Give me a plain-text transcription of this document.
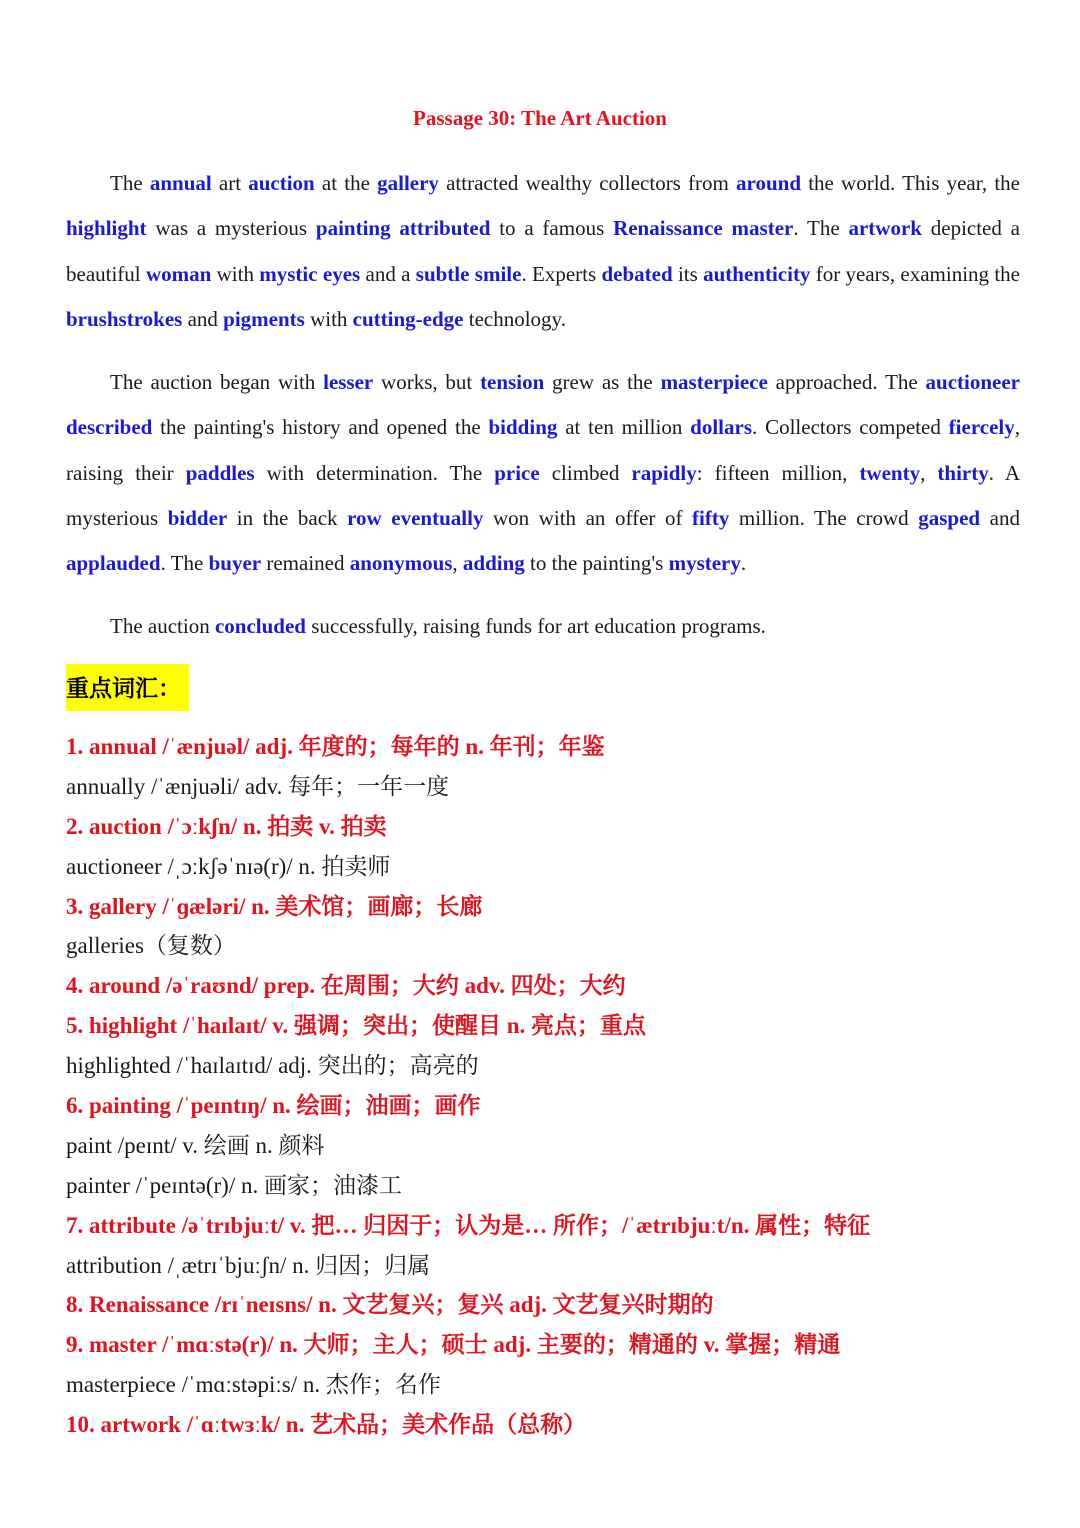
Passage 30: The Art Auction

The annual art auction at the gallery attracted wealthy collectors from around the world. This year, the highlight was a mysterious painting attributed to a famous Renaissance master. The artwork depicted a beautiful woman with mystic eyes and a subtle smile. Experts debated its authenticity for years, examining the brushstrokes and pigments with cutting-edge technology.

The auction began with lesser works, but tension grew as the masterpiece approached. The auctioneer described the painting's history and opened the bidding at ten million dollars. Collectors competed fiercely, raising their paddles with determination. The price climbed rapidly: fifteen million, twenty, thirty. A mysterious bidder in the back row eventually won with an offer of fifty million. The crowd gasped and applauded. The buyer remained anonymous, adding to the painting's mystery.

The auction concluded successfully, raising funds for art education programs.

重点词汇：
1. annual /ˈænjuəl/ adj. 年度的；每年的 n. 年刊；年鉴
annually /ˈænjuəli/ adv. 每年；一年一度
2. auction /ˈɔːkʃn/ n. 拍卖 v. 拍卖
auctioneer /ˌɔːkʃəˈnɪə(r)/ n. 拍卖师
3. gallery /ˈɡæləri/ n. 美术馆；画廊；长廊
galleries（复数）
4. around /əˈraʊnd/ prep. 在周围；大约 adv. 四处；大约
5. highlight /ˈhaɪlaɪt/ v. 强调；突出；使醒目 n. 亮点；重点
highlighted /ˈhaɪlaɪtɪd/ adj. 突出的；高亮的
6. painting /ˈpeɪntɪŋ/ n. 绘画；油画；画作
paint /peɪnt/ v. 绘画 n. 颜料
painter /ˈpeɪntə(r)/ n. 画家；油漆工
7. attribute /əˈtrɪbjuːt/ v. 把… 归因于；认为是… 所作；/ˈætrɪbjuːt/n. 属性；特征
attribution /ˌætrɪˈbjuːʃn/ n. 归因；归属
8. Renaissance /rɪˈneɪsns/ n. 文艺复兴；复兴 adj. 文艺复兴时期的
9. master /ˈmɑːstə(r)/ n. 大师；主人；硕士 adj. 主要的；精通的 v. 掌握；精通
masterpiece /ˈmɑːstəpiːs/ n. 杰作；名作
10. artwork /ˈɑːtwɜːk/ n. 艺术品；美术作品（总称）
